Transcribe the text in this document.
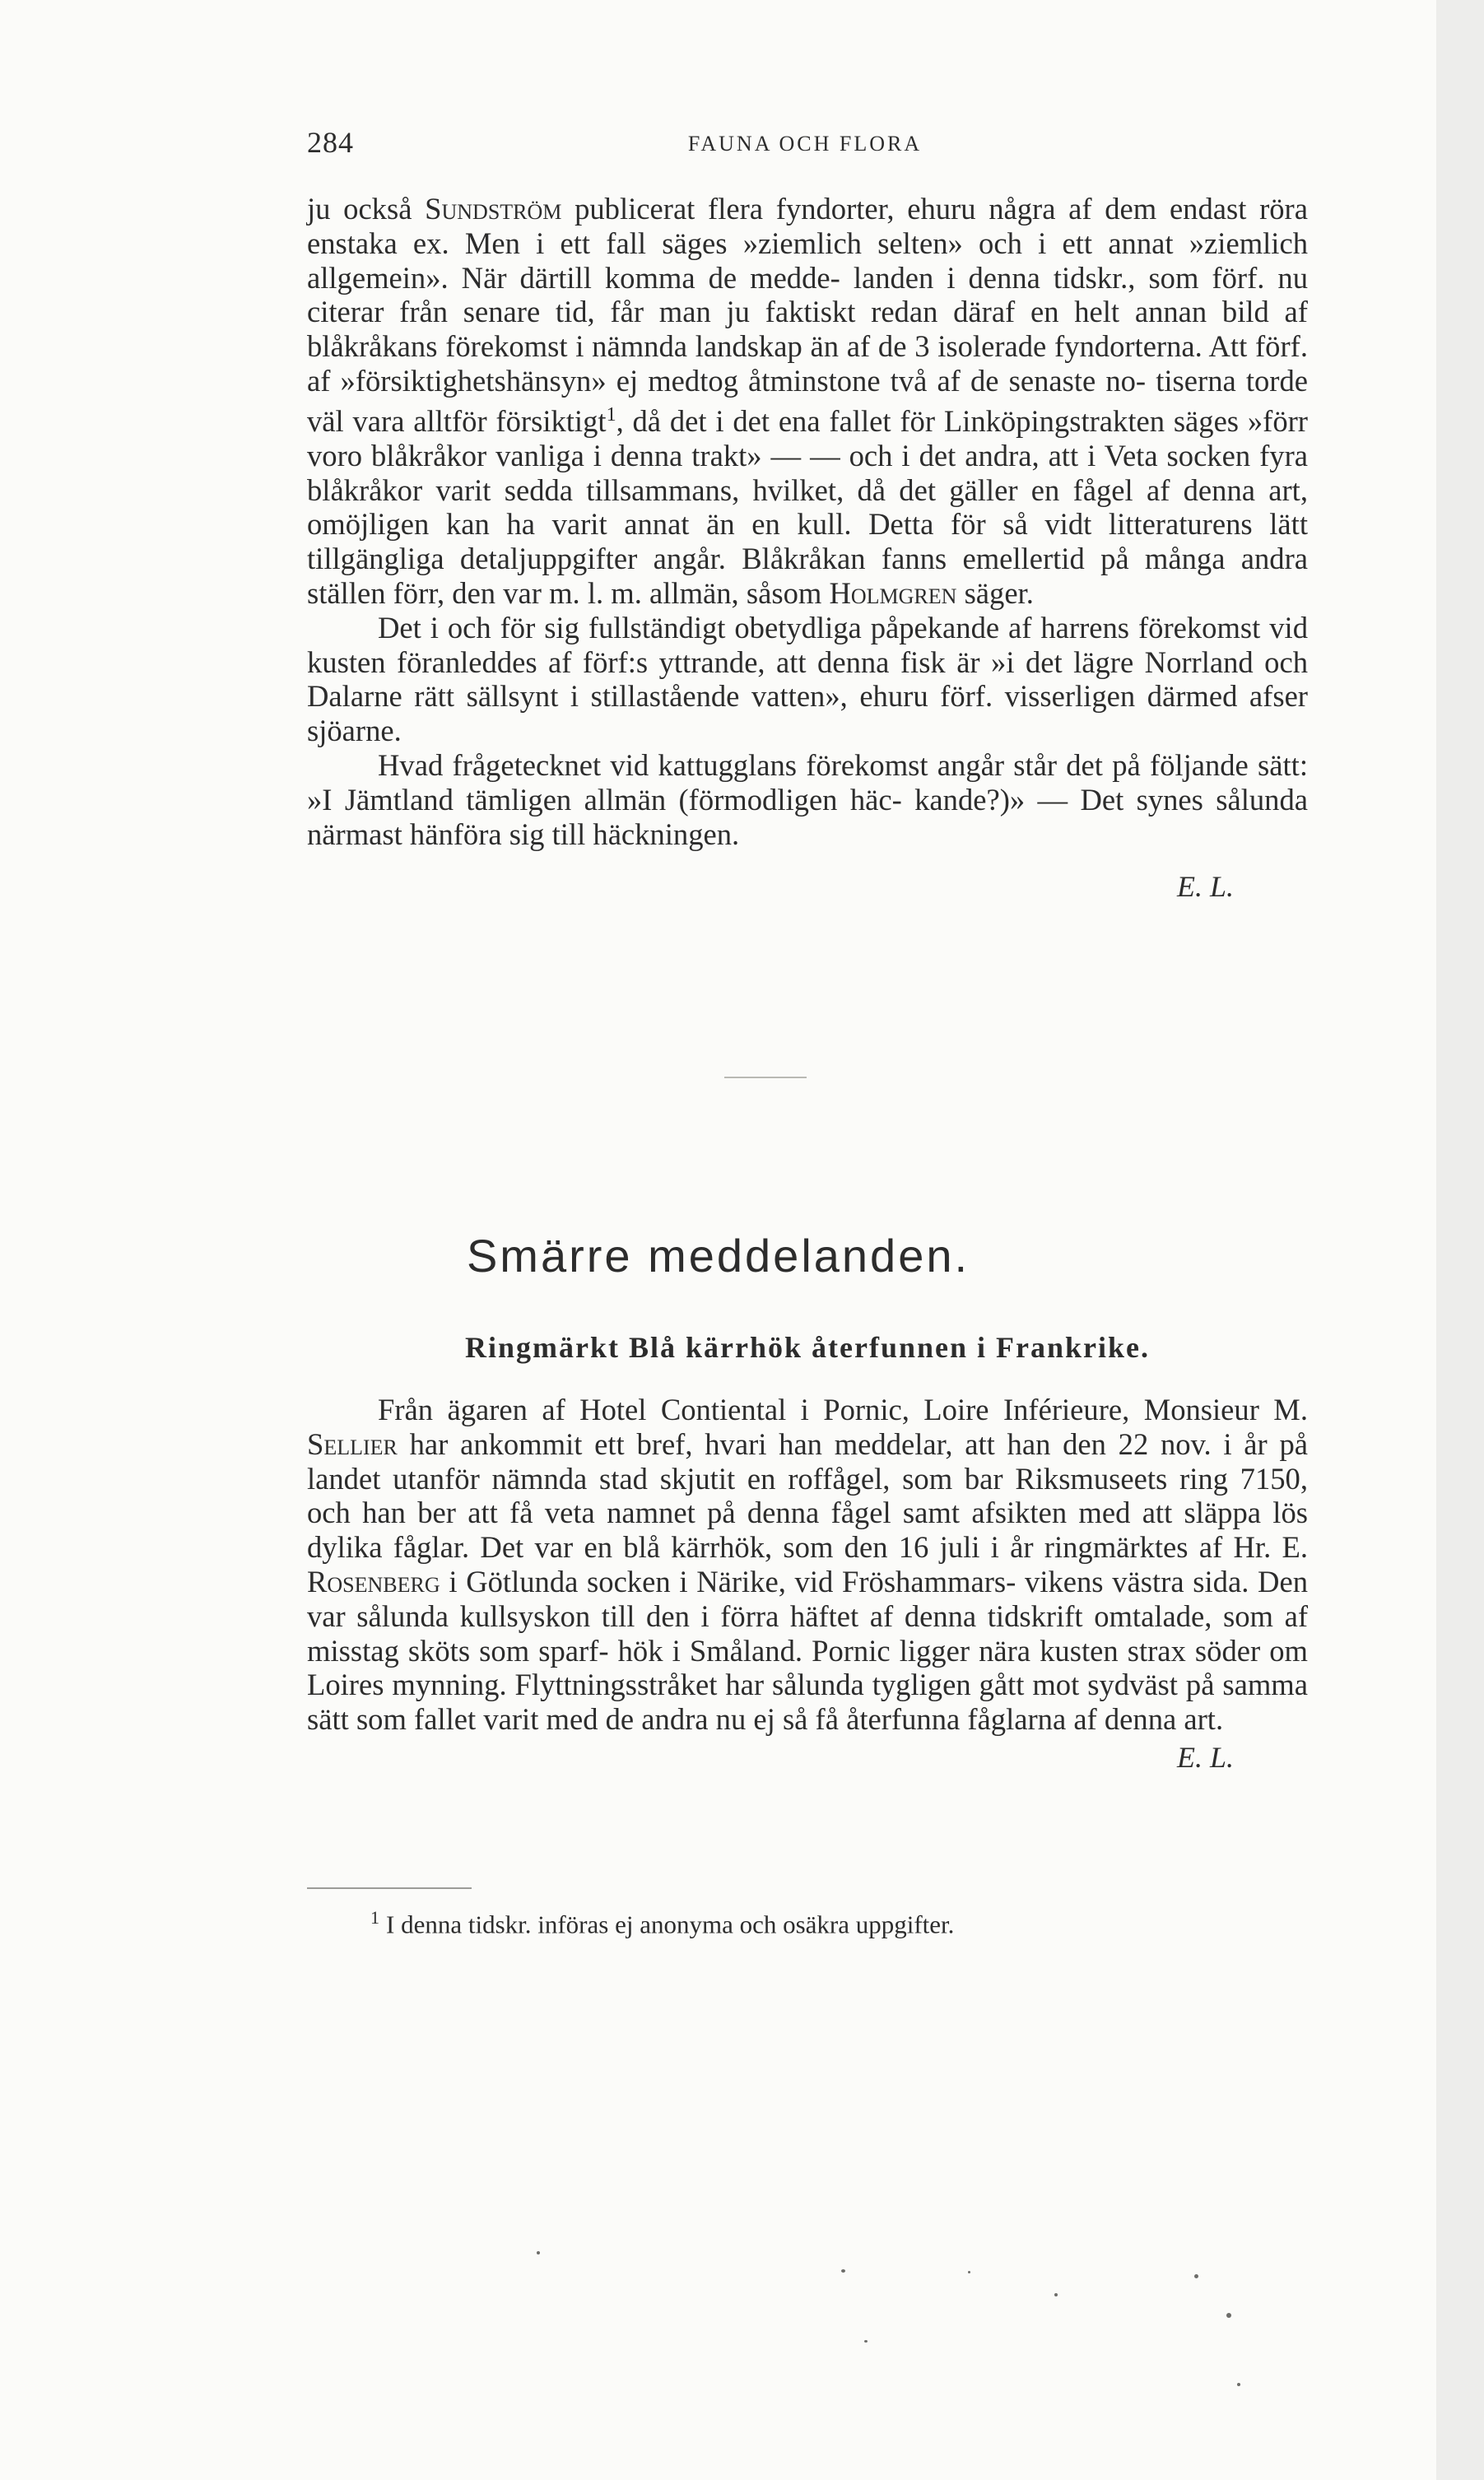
284	FAUNA OCH FLORA

ju också Sundström publicerat flera fyndorter, ehuru några af dem endast röra enstaka ex. Men i ett fall säges »ziemlich selten» och i ett annat »ziemlich allgemein». När därtill komma de medde- landen i denna tidskr., som förf. nu citerar från senare tid, får man ju faktiskt redan däraf en helt annan bild af blåkråkans förekomst i nämnda landskap än af de 3 isolerade fyndorterna. Att förf. af »försiktighetshänsyn» ej medtog åtminstone två af de senaste no- tiserna torde väl vara alltför försiktigt$^1$, då det i det ena fallet för Linköpingstrakten säges »förr voro blåkråkor vanliga i denna trakt» — — och i det andra, att i Veta socken fyra blåkråkor varit sedda tillsammans, hvilket, då det gäller en fågel af denna art, omöjligen kan ha varit annat än en kull. Detta för så vidt litteraturens lätt tillgängliga detaljuppgifter angår. Blåkråkan fanns emellertid på många andra ställen förr, den var m. l. m. allmän, såsom Holmgren säger.

Det i och för sig fullständigt obetydliga påpekande af harrens förekomst vid kusten föranleddes af förf:s yttrande, att denna fisk är »i det lägre Norrland och Dalarne rätt sällsynt i stillastående vatten», ehuru förf. visserligen därmed afser sjöarne.

Hvad frågetecknet vid kattugglans förekomst angår står det på följande sätt: »I Jämtland tämligen allmän (förmodligen häc- kande?)» — Det synes sålunda närmast hänföra sig till häckningen.

E. L.

Smärre meddelanden.
Ringmärkt Blå kärrhök återfunnen i Frankrike.

Från ägaren af Hotel Contiental i Pornic, Loire Inférieure, Monsieur M. Sellier har ankommit ett bref, hvari han meddelar, att han den 22 nov. i år på landet utanför nämnda stad skjutit en roffågel, som bar Riksmuseets ring 7150, och han ber att få veta namnet på denna fågel samt afsikten med att släppa lös dylika fåglar. Det var en blå kärrhök, som den 16 juli i år ringmärktes af Hr. E. Rosenberg i Götlunda socken i Närike, vid Fröshammars- vikens västra sida. Den var sålunda kullsyskon till den i förra häftet af denna tidskrift omtalade, som af misstag sköts som sparf- hök i Småland. Pornic ligger nära kusten strax söder om Loires mynning. Flyttningsstråket har sålunda tygligen gått mot sydväst på samma sätt som fallet varit med de andra nu ej så få återfunna fåglarna af denna art.

E. L.

$^1$ I denna tidskr. införas ej anonyma och osäkra uppgifter.
